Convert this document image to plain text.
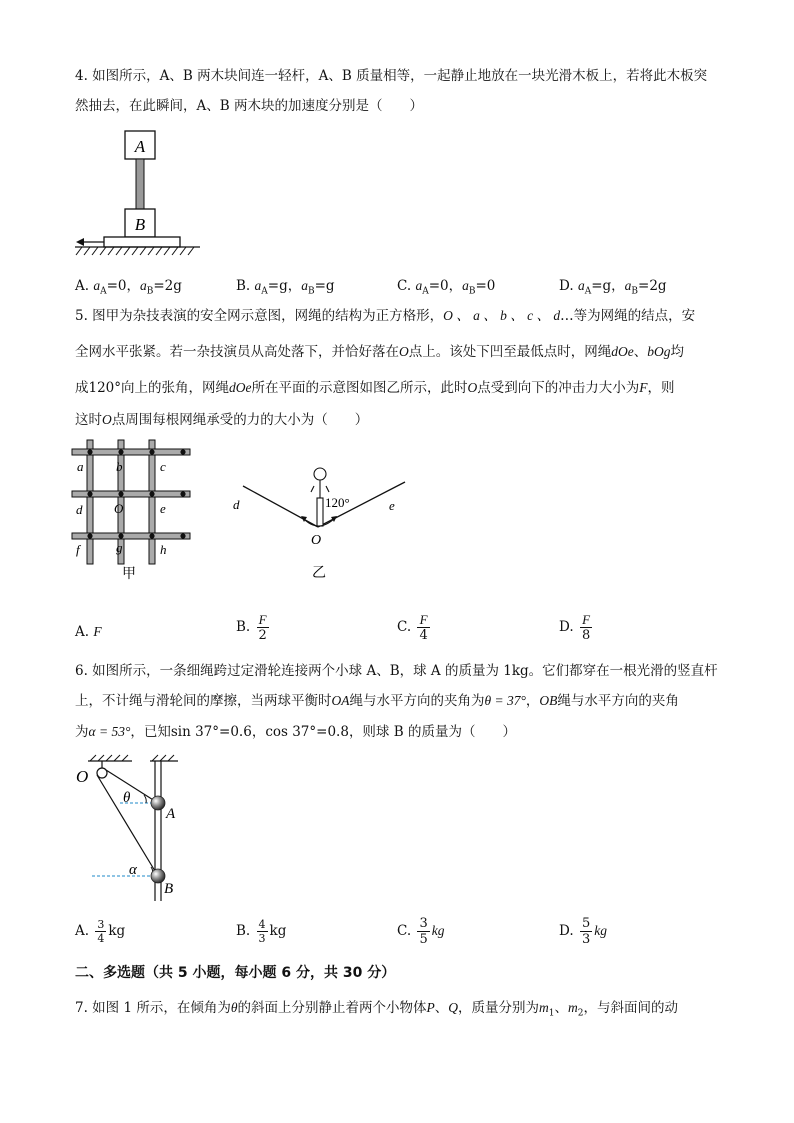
4. 如图所示，A、B 两木块间连一轻杆，A、B 质量相等，一起静止地放在一块光滑木板上，若将此木板突
然抽去，在此瞬间，A、B 两木块的加速度分别是（　　）
A
B
A. $a_A=0$，$a_B=2g$	B. $a_A=g$，$a_B=g$	C. $a_A=0$，$a_B=0$	D. $a_A=g$，$a_B=2g$
5. 图甲为杂技表演的安全网示意图，网绳的结构为正方格形，O 、 a 、 b 、 c 、 d…等为网绳的结点，安
全网水平张紧。若一杂技演员从高处落下，并恰好落在O点上。该处下凹至最低点时，网绳dOe、bOg均
成120°向上的张角，网绳dOe所在平面的示意图如图乙所示，此时O点受到向下的冲击力大小为F，则
这时O点周围每根网绳承受的力的大小为（　　）
a	b	c
d O	e
f	g	h
甲
120°
d	e
O
乙
A. F	B. $\frac{F}{2}$	C. $\frac{F}{4}$	D. $\frac{F}{8}$
6. 如图所示，一条细绳跨过定滑轮连接两个小球 A、B，球 A 的质量为 1kg。它们都穿在一根光滑的竖直杆
上，不计绳与滑轮间的摩擦，当两球平衡时OA绳与水平方向的夹角为θ = 37°，OB绳与水平方向的夹角
为α = 53°，已知sin 37°=0.6，cos 37°=0.8，则球 B 的质量为（　　）
O
θ
A
α
B
A. $\frac{3}{4}$ kg	B. $\frac{4}{3}$ kg	C. $\frac{3}{5}$ kg	D. $\frac{5}{3}$ kg
二、多选题（共 5 小题，每小题 6 分，共 30 分）
7. 如图 1 所示，在倾角为θ的斜面上分别静止着两个小物体P、Q，质量分别为$m_1$、$m_2$，与斜面间的动
